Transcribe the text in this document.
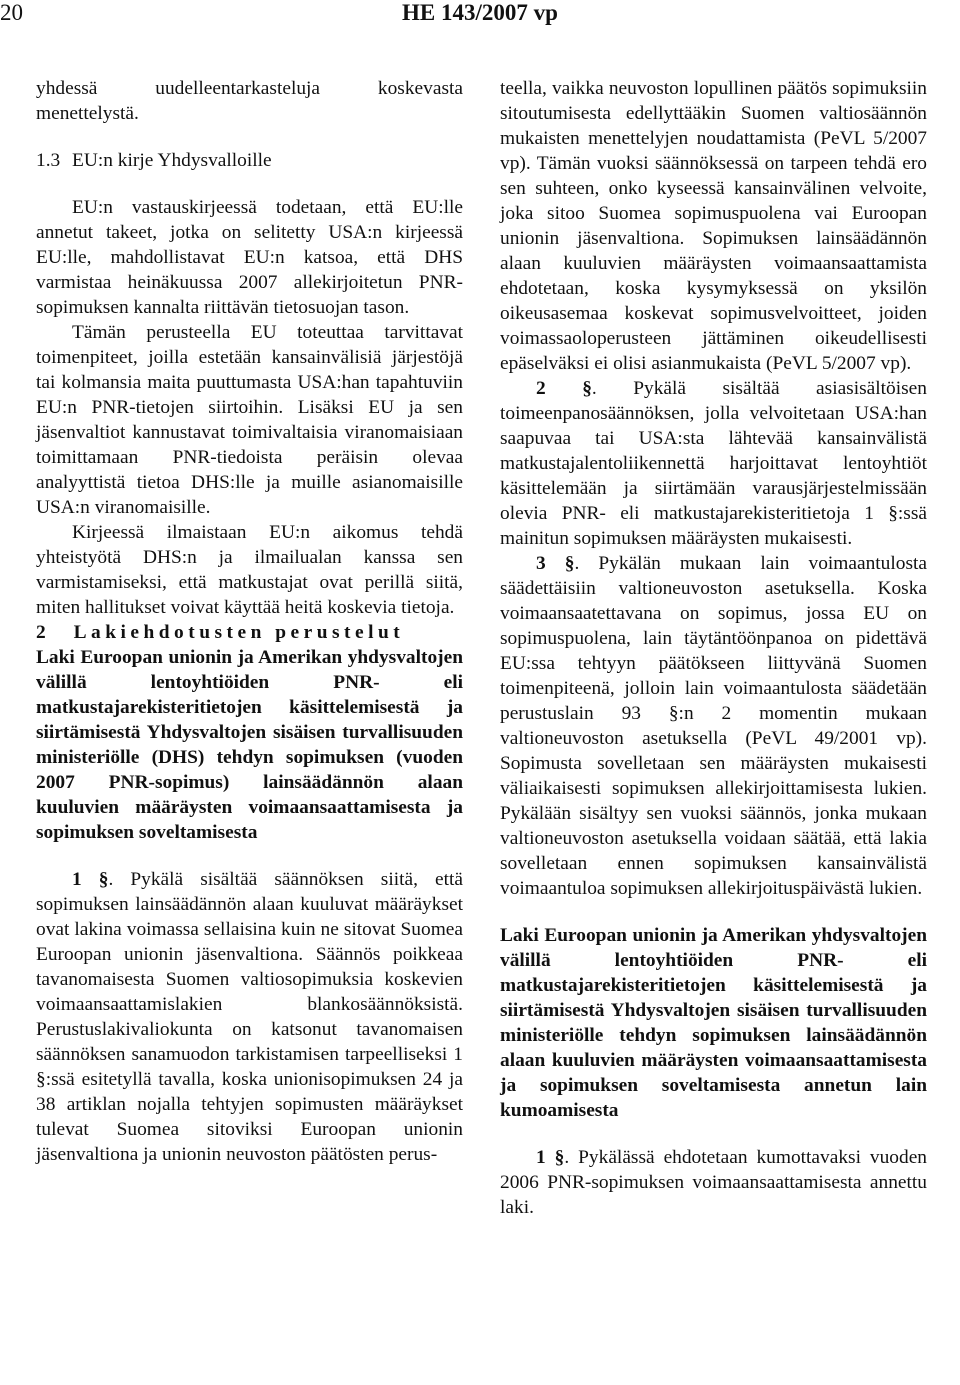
20	HE 143/2007 vp

yhdessä uudelleentarkasteluja koskevasta menettelystä.

1.3 EU:n kirje Yhdysvalloille

EU:n vastauskirjeessä todetaan, että EU:lle annetut takeet, jotka on selitetty USA:n kirjeessä EU:lle, mahdollistavat EU:n katsoa, että DHS varmistaa heinäkuussa 2007 allekirjoitetun PNR-sopimuksen kannalta riittävän tietosuojan tason.

Tämän perusteella EU toteuttaa tarvittavat toimenpiteet, joilla estetään kansainvälisiä järjestöjä tai kolmansia maita puuttumasta USA:han tapahtuviin EU:n PNR-tietojen siirtoihin. Lisäksi EU ja sen jäsenvaltiot kannustavat toimivaltaisia viranomaisiaan toimittamaan PNR-tiedoista peräisin olevaa analyyttistä tietoa DHS:lle ja muille asianomaisille USA:n viranomaisille.

Kirjeessä ilmaistaan EU:n aikomus tehdä yhteistyötä DHS:n ja ilmailualan kanssa sen varmistamiseksi, että matkustajat ovat perillä siitä, miten hallitukset voivat käyttää heitä koskevia tietoja.

2 Lakiehdotusten perustelut

Laki Euroopan unionin ja Amerikan yhdysvaltojen välillä lentoyhtiöiden PNR- eli matkustajarekisteritietojen käsittelemisestä ja siirtämisestä Yhdysvaltojen sisäisen turvallisuuden ministeriölle (DHS) tehdyn sopimuksen (vuoden 2007 PNR-sopimus) lainsäädännön alaan kuuluvien määräysten voimaansaattamisesta ja sopimuksen soveltamisesta

1 §. Pykälä sisältää säännöksen siitä, että sopimuksen lainsäädännön alaan kuuluvat määräykset ovat lakina voimassa sellaisina kuin ne sitovat Suomea Euroopan unionin jäsenvaltiona. Säännös poikkeaa tavanomaisesta Suomen valtiosopimuksia koskevien voimaansaattamislakien blankosäännöksistä. Perustuslakivaliokunta on katsonut tavanomaisen säännöksen sanamuodon tarkistamisen tarpeelliseksi 1 §:ssä esitetyllä tavalla, koska unionisopimuksen 24 ja 38 artiklan nojalla tehtyjen sopimusten määräykset tulevat Suomea sitoviksi Euroopan unionin jäsenvaltiona ja unionin neuvoston päätösten perus-

teella, vaikka neuvoston lopullinen päätös sopimuksiin sitoutumisesta edellyttääkin Suomen valtiosäännön mukaisten menettelyjen noudattamista (PeVL 5/2007 vp). Tämän vuoksi säännöksessä on tarpeen tehdä ero sen suhteen, onko kyseessä kansainvälinen velvoite, joka sitoo Suomea sopimuspuolena vai Euroopan unionin jäsenvaltiona. Sopimuksen lainsäädännön alaan kuuluvien määräysten voimaansaattamista ehdotetaan, koska kysymyksessä on yksilön oikeusasemaa koskevat sopimusvelvoitteet, joiden voimassaoloperusteen jättäminen oikeudellisesti epäselväksi ei olisi asianmukaista (PeVL 5/2007 vp).

2 §. Pykälä sisältää asiasisältöisen toimeenpanosäännöksen, jolla velvoitetaan USA:han saapuvaa tai USA:sta lähtevää kansainvälistä matkustajalentoliikennettä harjoittavat lentoyhtiöt käsittelemään ja siirtämään varausjärjestelmissään olevia PNR- eli matkustajarekisteritietoja 1 §:ssä mainitun sopimuksen määräysten mukaisesti.

3 §. Pykälän mukaan lain voimaantulosta säädettäisiin valtioneuvoston asetuksella. Koska voimaansaatettavana on sopimus, jossa EU on sopimuspuolena, lain täytäntöönpanoa on pidettävä EU:ssa tehtyyn päätökseen liittyvänä Suomen toimenpiteenä, jolloin lain voimaantulosta säädetään perustuslain 93 §:n 2 momentin mukaan valtioneuvoston asetuksella (PeVL 49/2001 vp). Sopimusta sovelletaan sen määräysten mukaisesti väliaikaisesti sopimuksen allekirjoittamisesta lukien. Pykälään sisältyy sen vuoksi säännös, jonka mukaan valtioneuvoston asetuksella voidaan säätää, että lakia sovelletaan ennen sopimuksen kansainvälistä voimaantuloa sopimuksen allekirjoituspäivästä lukien.

Laki Euroopan unionin ja Amerikan yhdysvaltojen välillä lentoyhtiöiden PNR- eli matkustajarekisteritietojen käsittelemisestä ja siirtämisestä Yhdysvaltojen sisäisen turvallisuuden ministeriölle tehdyn sopimuksen lainsäädännön alaan kuuluvien määräysten voimaansaattamisesta ja sopimuksen soveltamisesta annetun lain kumoamisesta

1 §. Pykälässä ehdotetaan kumottavaksi vuoden 2006 PNR-sopimuksen voimaansaattamisesta annettu laki.
